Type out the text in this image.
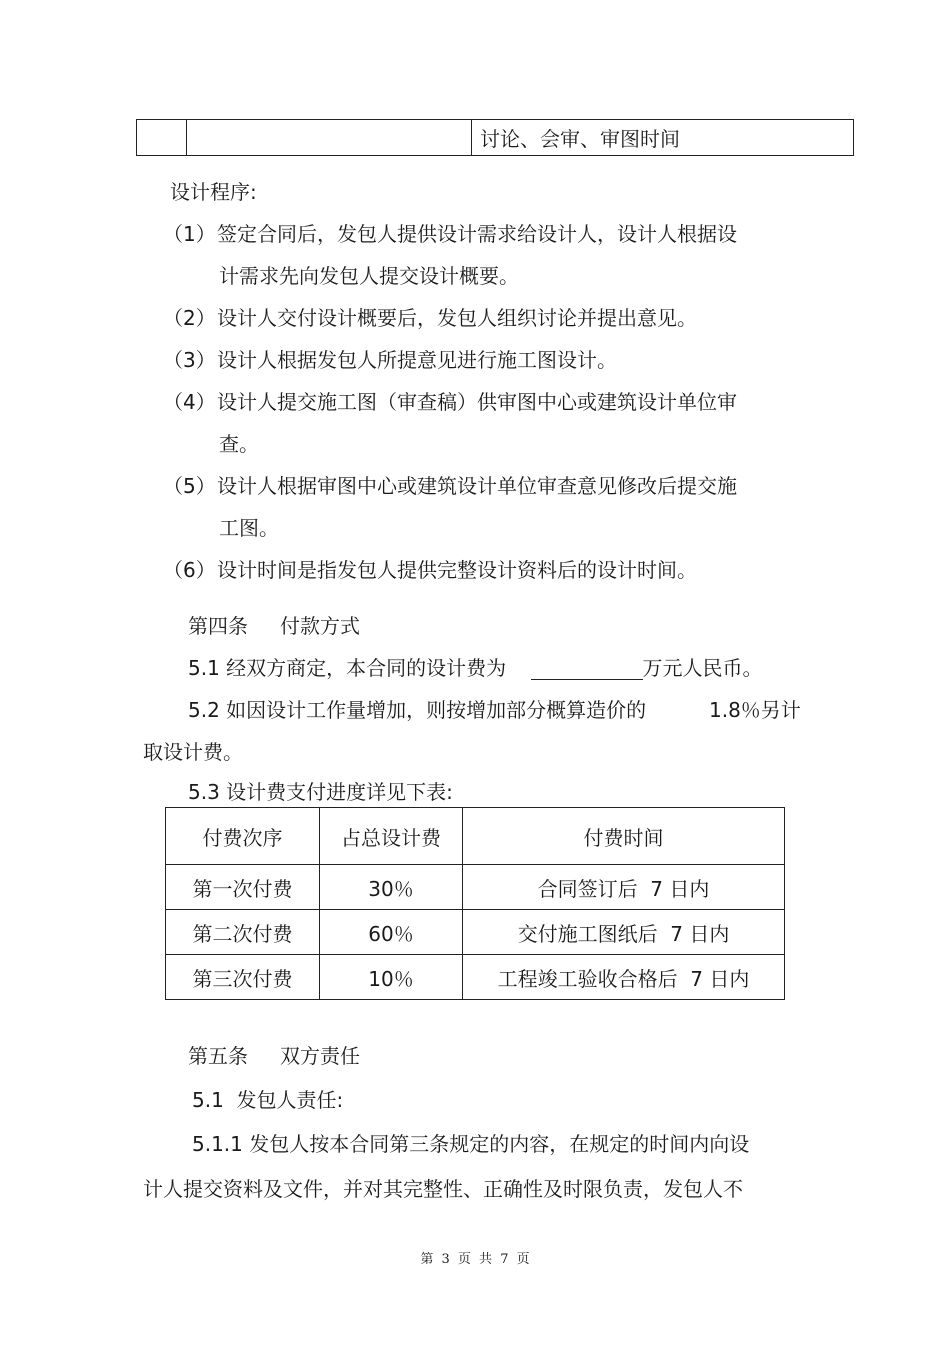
		讨论、会审、审图时间
设计程序:
（1） 签定合同后，发包人提供设计需求给设计人，设计人根据设
计需求先向发包人提交设计概要。
（2） 设计人交付设计概要后，发包人组织讨论并提出意见。
（3） 设计人根据发包人所提意见进行施工图设计。
（4） 设计人提交施工图（审查稿）供审图中心或建筑设计单位审
查。
（5） 设计人根据审图中心或建筑设计单位审查意见修改后提交施
工图。
（6） 设计时间是指发包人提供完整设计资料后的设计时间。
第四条 付款方式
5.1 经双方商定，本合同的设计费为	万元人民币。
5.2 如因设计工作量增加，则按增加部分概算造价的	1.8％另计
取设计费。
5.3 设计费支付进度详见下表:
付费次序	占总设计费	付费时间
第一次付费	30％	合同签订后  7 日内
第二次付费	60％	交付施工图纸后  7 日内
第三次付费	10％	工程竣工验收合格后  7 日内
第五条 双方责任
5.1  发包人责任:
5.1.1 发包人按本合同第三条规定的内容，在规定的时间内向设
计人提交资料及文件，并对其完整性、正确性及时限负责，发包人不
第 3 页 共 7 页
